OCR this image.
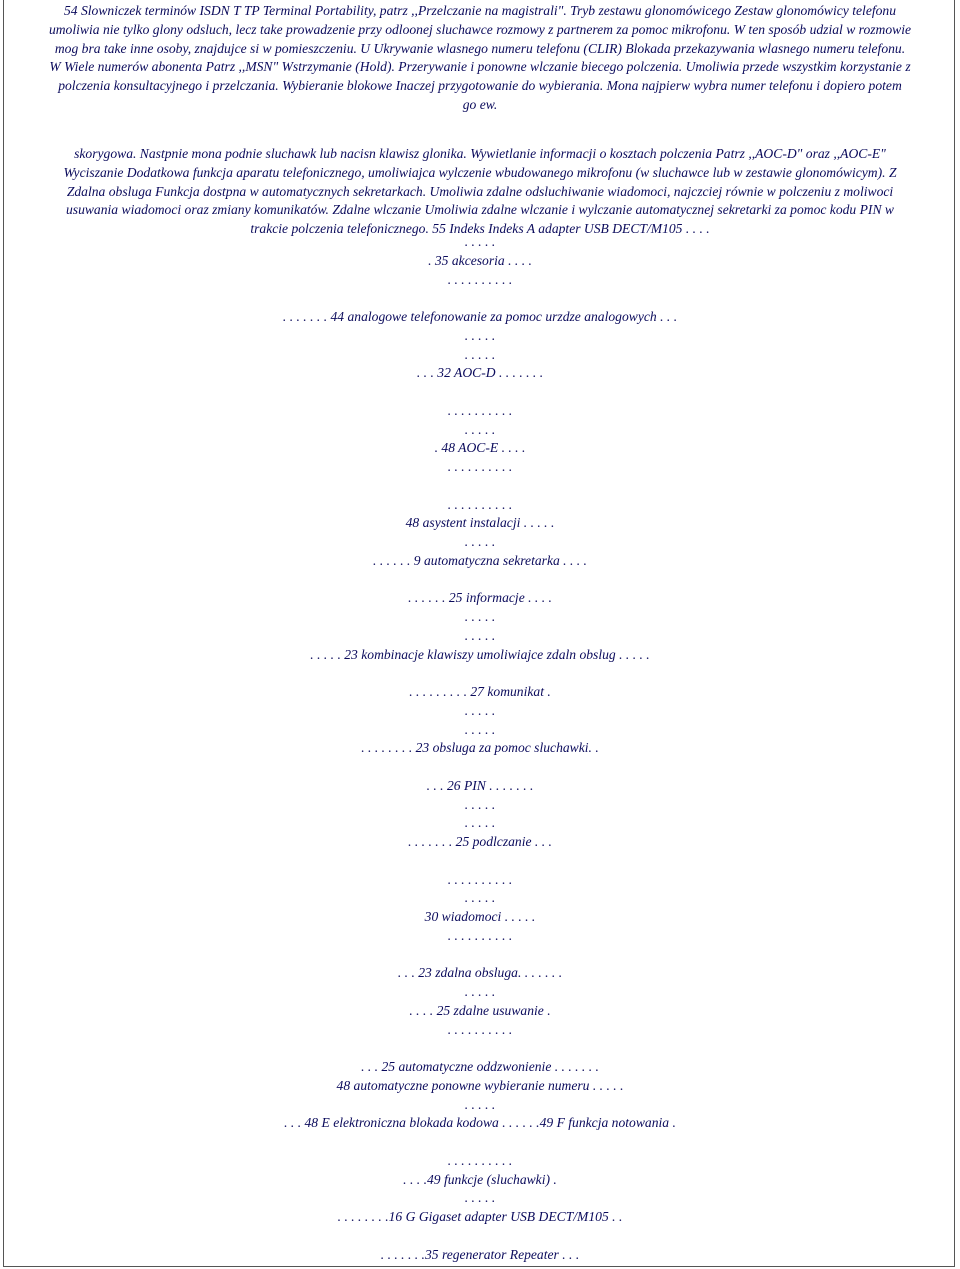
54 Slowniczek terminów ISDN T TP Terminal Portability, patrz ,,Przelczanie na magistrali". Tryb zestawu glonomówicego Zestaw glonomówicy telefonu
umoliwia nie tylko glony odsluch, lecz take prowadzenie przy odloonej sluchawce rozmowy z partnerem za pomoc mikrofonu. W ten sposób udzial w rozmowie
mog brа take inne osoby, znajdujce si w pomieszczeniu. U Ukrywanie wlasnego numeru telefonu (CLIR) Blokada przekazywania wlasnego numeru telefonu.
W Wiele numerów abonenta Patrz ,,MSN" Wstrzymanie (Hold). Przerywanie i ponowne wlczanie biecego polczenia. Umoliwia przede wszystkim korzystanie z
polczenia konsultacyjnego i przelczania. Wybieranie blokowe Inaczej przygotowanie do wybierania. Mona najpierw wybra numer telefonu i dopiero potem
go ew.
skorygowa. Nastpnie mona podnie sluchawk lub nacisn klawisz glonika. Wywietlanie informacji o kosztach polczenia Patrz ,,AOC-D" oraz ,,AOC-E"
Wyciszanie Dodatkowa funkcja aparatu telefonicznego, umoliwiajca wylczenie wbudowanego mikrofonu (w sluchawce lub w zestawie glonomówicym). Z
Zdalna obsluga Funkcja dostpna w automatycznych sekretarkach. Umoliwia zdalne odsluchiwanie wiadomoci, najczciej równie w polczeniu z moliwoci
usuwania wiadomoci oraz zmiany komunikatów. Zdalne wlczanie Umoliwia zdalne wlczanie i wylczanie automatycznej sekretarki za pomoc kodu PIN w
trakcie polczenia telefonicznego. 55 Indeks Indeks A adapter USB DECT/M105 . . . .
. . . . .
. 35 akcesoria . . . .
. . . . . . . . . .
. . . . . . . 44 analogowe telefonowanie za pomoc urzdze analogowych . . .
. . . . .
. . . . .
. . . 32 AOC-D . . . . . . .
. . . . . . . . . .
. . . . .
. 48 AOC-E . . . .
. . . . . . . . . .
. . . . . . . . . .
48 asystent instalacji . . . . .
. . . . .
. . . . . . 9 automatyczna sekretarka . . . .
. . . . . . 25 informacje . . . .
. . . . .
. . . . .
. . . . . 23 kombinacje klawiszy umoliwiajce zdaln obslug . . . . .
. . . . . . . . . 27 komunikat .
. . . . .
. . . . .
. . . . . . . . 23 obsluga za pomoc sluchawki. .
. . . 26 PIN . . . . . . .
. . . . .
. . . . .
. . . . . . . 25 podlczanie . . .
. . . . . . . . . .
. . . . .
30 wiadomoci . . . . .
. . . . . . . . . .
. . . 23 zdalna obsluga. . . . . . .
. . . . .
. . . . 25 zdalne usuwanie .
. . . . . . . . . .
. . . 25 automatyczne oddzwonienie . . . . . . .
48 automatyczne ponowne wybieranie numeru . . . . .
. . . . .
. . . 48 E elektroniczna blokada kodowa . . . . . .49 F funkcja notowania .
. . . . . . . . . .
. . . .49 funkcje (sluchawki) .
. . . . .
. . . . . . . .16 G Gigaset adapter USB DECT/M105 . .
. . . . . . .35 regenerator Repeater . . .
